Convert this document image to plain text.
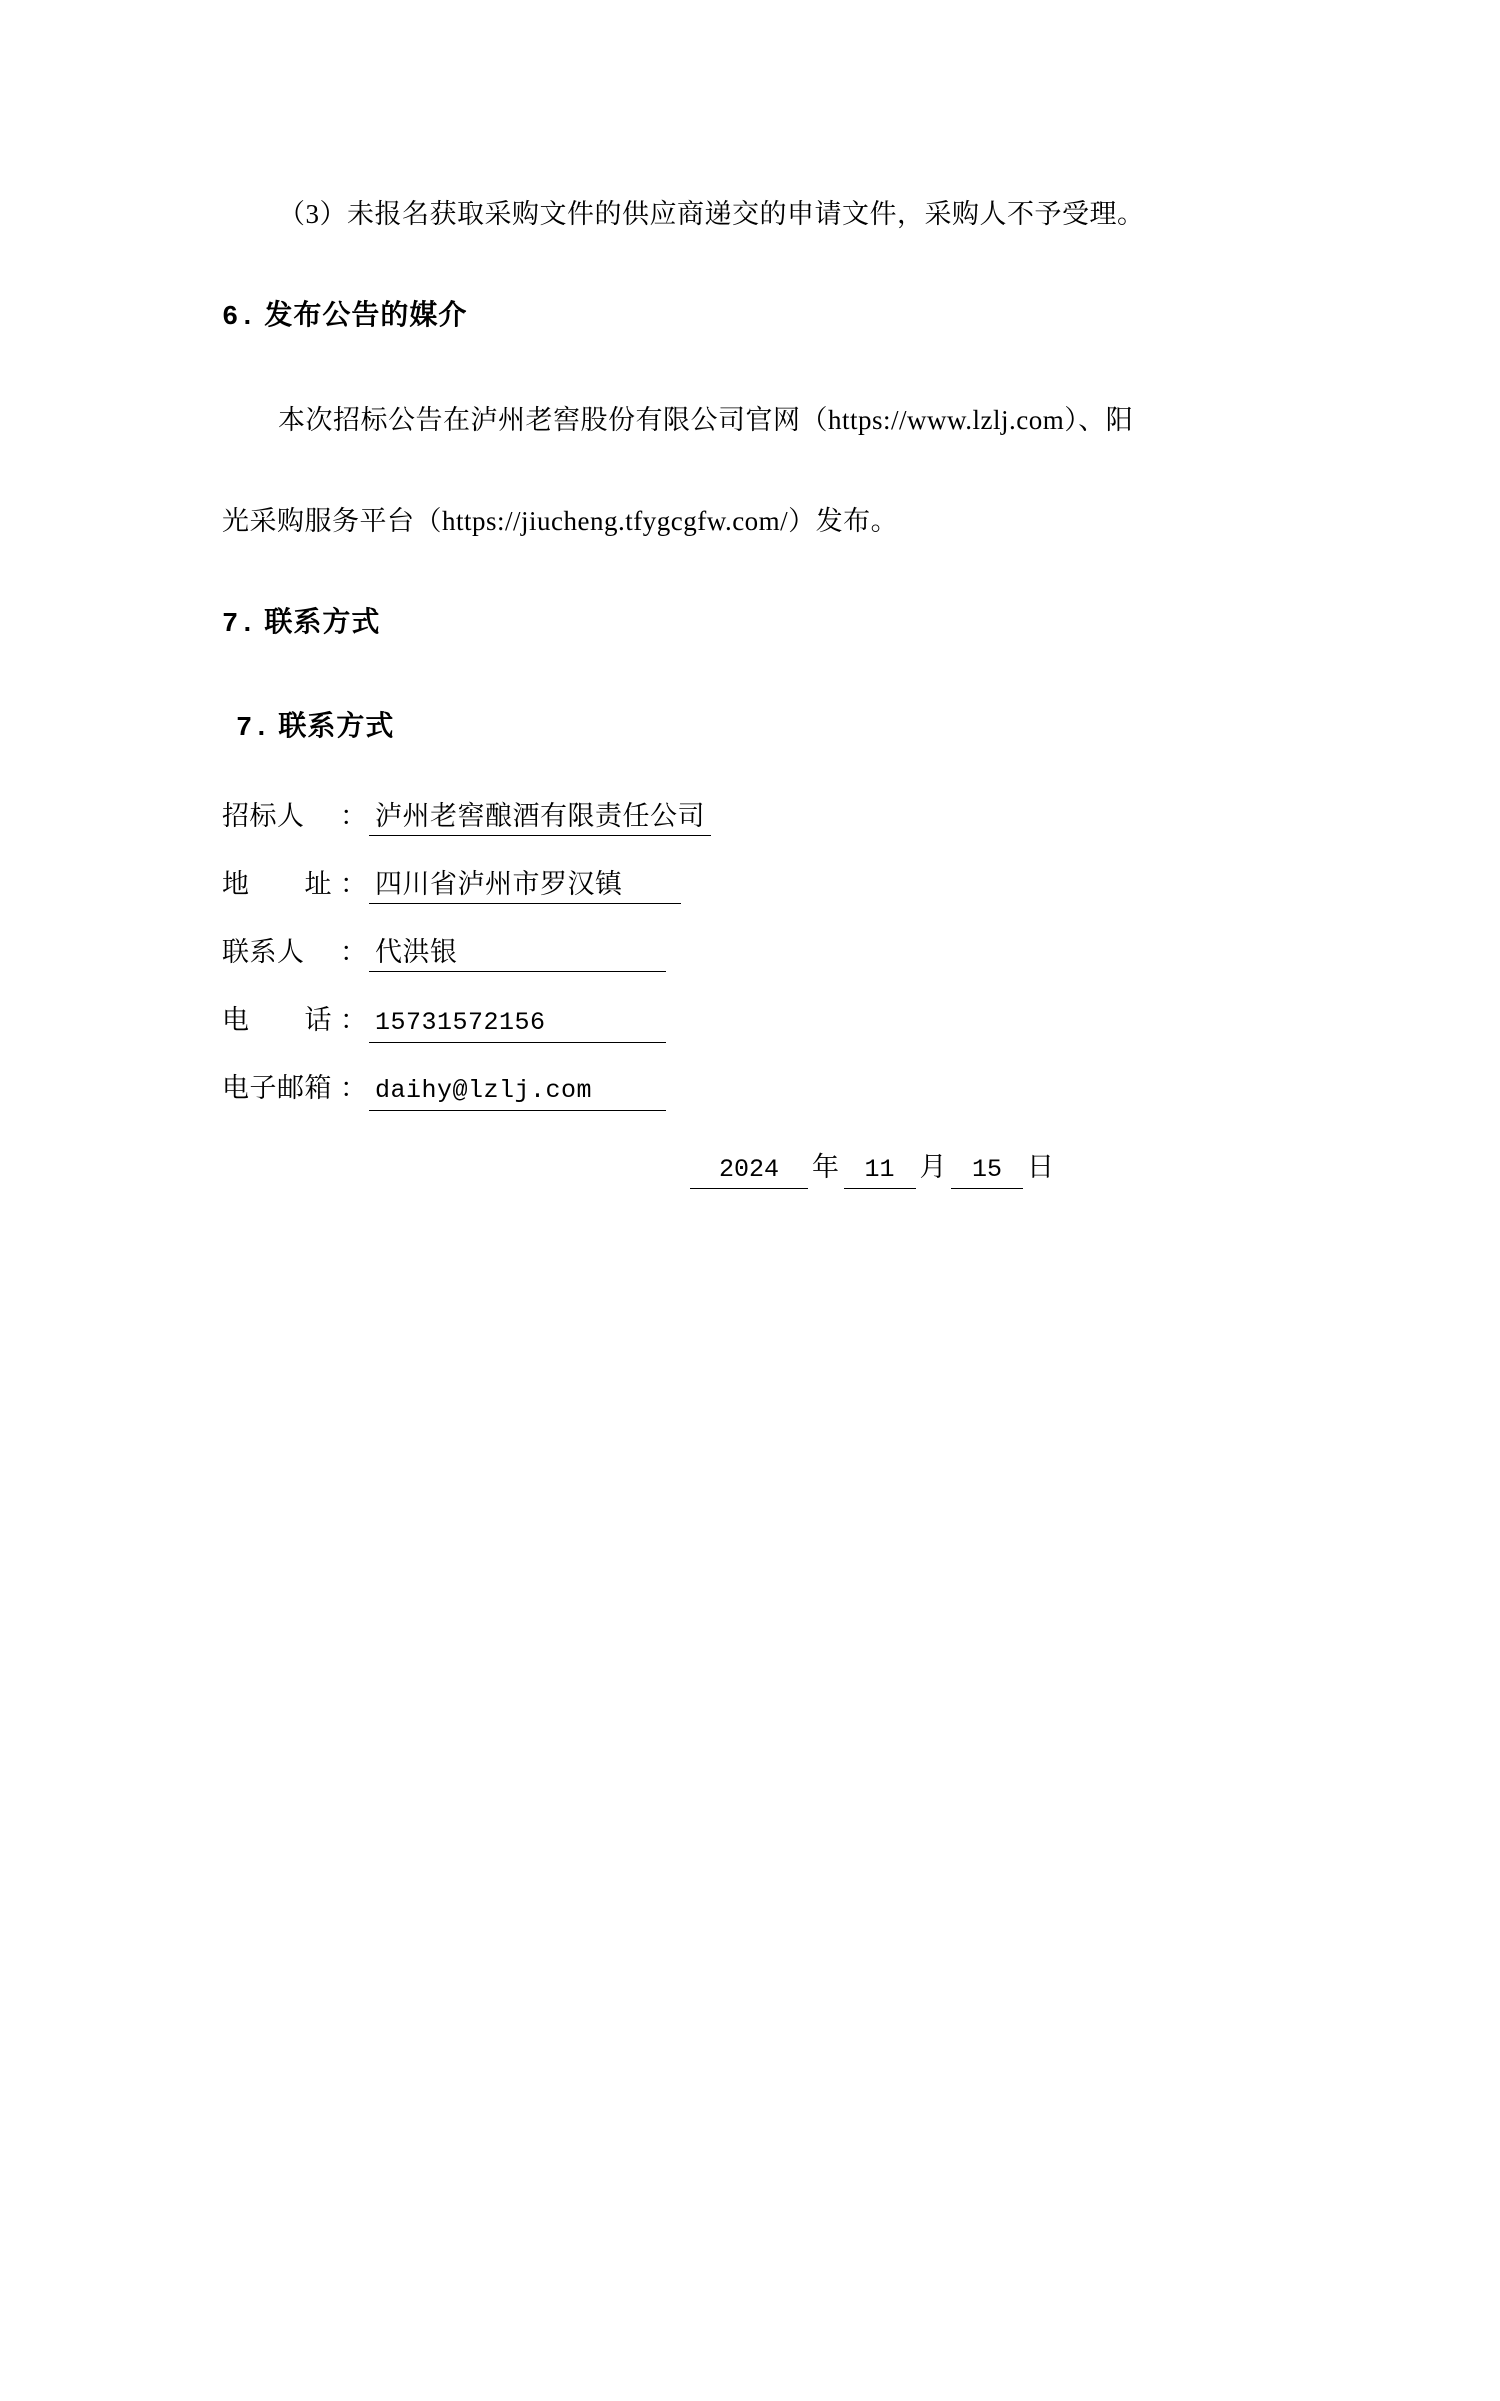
（3）未报名获取采购文件的供应商递交的申请文件，采购人不予受理。

6. 发布公告的媒介

本次招标公告在泸州老窖股份有限公司官网（https://www.lzlj.com）、阳

光采购服务平台（https://jiucheng.tfygcgfw.com/）发布。

7. 联系方式

7. 联系方式

招标人	： 泸州老窖酿酒有限责任公司
地　　址 ： 四川省泸州市罗汉镇
联系人	： 代洪银
电　　话 ： 15731572156
电子邮箱 ： daihy@lzlj.com
2024	年 11 月 15 日
